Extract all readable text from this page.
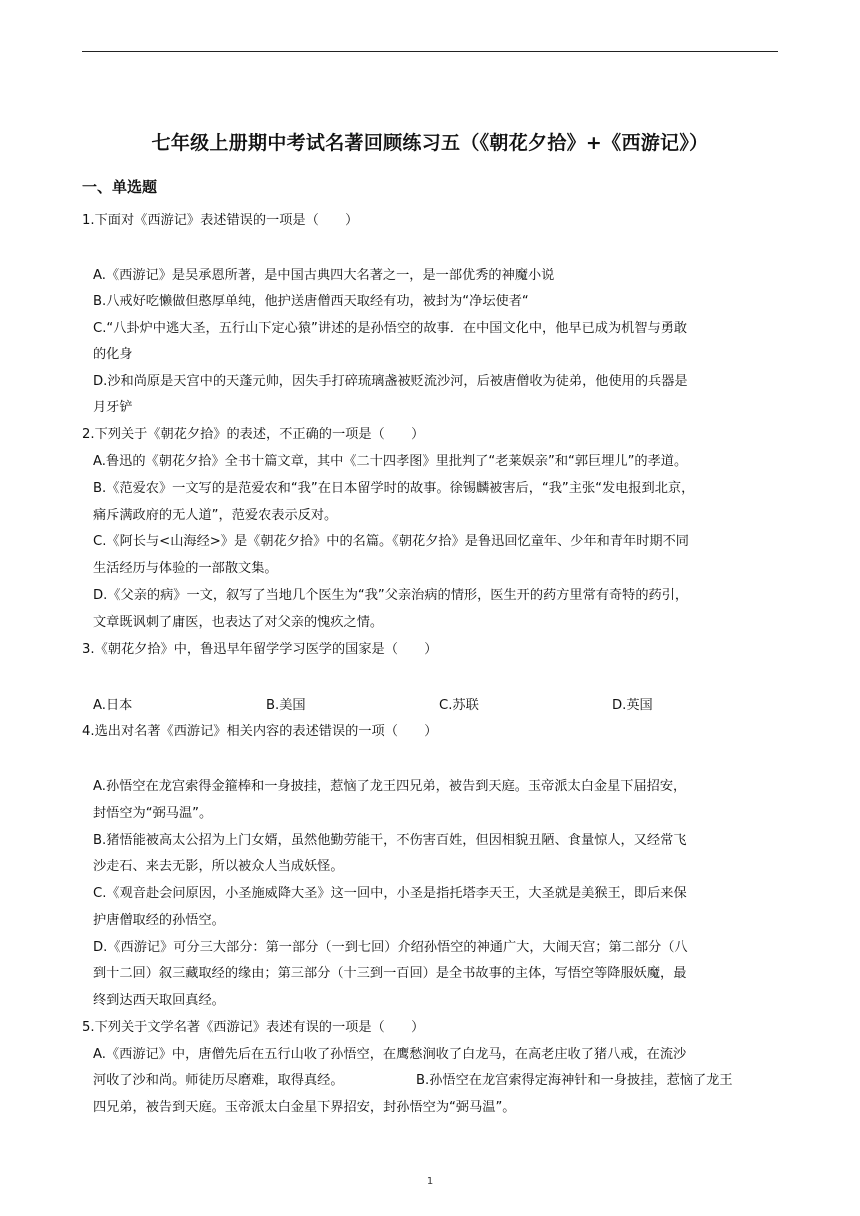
七年级上册期中考试名著回顾练习五（《朝花夕拾》+《西游记》）
一、单选题
1.下面对《西游记》表述错误的一项是（　　）
A.《西游记》是吴承恩所著，是中国古典四大名著之一，是一部优秀的神魔小说
B.八戒好吃懒做但憨厚单纯，他护送唐僧西天取经有功，被封为“净坛使者“
C.“八卦炉中逃大圣，五行山下定心猿”讲述的是孙悟空的故事．在中国文化中，他早已成为机智与勇敢
的化身
D.沙和尚原是天宫中的天蓬元帅，因失手打碎琉璃盏被贬流沙河，后被唐僧收为徒弟，他使用的兵器是
月牙铲
2.下列关于《朝花夕拾》的表述，不正确的一项是（　　）
A.鲁迅的《朝花夕拾》全书十篇文章，其中《二十四孝图》里批判了“老莱娱亲”和“郭巨埋儿”的孝道。
B.《范爱农》一文写的是范爱农和“我”在日本留学时的故事。徐锡麟被害后，“我”主张“发电报到北京，
痛斥满政府的无人道”，范爱农表示反对。
C.《阿长与<山海经>》是《朝花夕拾》中的名篇。《朝花夕拾》是鲁迅回忆童年、少年和青年时期不同
生活经历与体验的一部散文集。
D.《父亲的病》一文，叙写了当地几个医生为“我”父亲治病的情形，医生开的药方里常有奇特的药引，
文章既讽刺了庸医，也表达了对父亲的愧疚之情。
3.《朝花夕拾》中，鲁迅早年留学学习医学的国家是（　　）
A.日本	B.美国	C.苏联	D.英国
4.选出对名著《西游记》相关内容的表述错误的一项（　　）
A.孙悟空在龙宫索得金箍棒和一身披挂，惹恼了龙王四兄弟，被告到天庭。玉帝派太白金星下届招安，
封悟空为“弼马温”。
B.猪悟能被高太公招为上门女婿，虽然他勤劳能干，不伤害百姓，但因相貌丑陋、食量惊人，又经常飞
沙走石、来去无影，所以被众人当成妖怪。
C.《观音赴会问原因，小圣施威降大圣》这一回中，小圣是指托塔李天王，大圣就是美猴王，即后来保
护唐僧取经的孙悟空。
D.《西游记》可分三大部分：第一部分（一到七回）介绍孙悟空的神通广大，大闹天宫；第二部分（八
到十二回）叙三藏取经的缘由；第三部分（十三到一百回）是全书故事的主体，写悟空等降服妖魔，最
终到达西天取回真经。
5.下列关于文学名著《西游记》表述有误的一项是（　　）
A.《西游记》中，唐僧先后在五行山收了孙悟空，在鹰愁涧收了白龙马，在高老庄收了猪八戒，在流沙
河收了沙和尚。师徒历尽磨难，取得真经。	B.孙悟空在龙宫索得定海神针和一身披挂，惹恼了龙王
四兄弟，被告到天庭。玉帝派太白金星下界招安，封孙悟空为“弼马温”。
1
